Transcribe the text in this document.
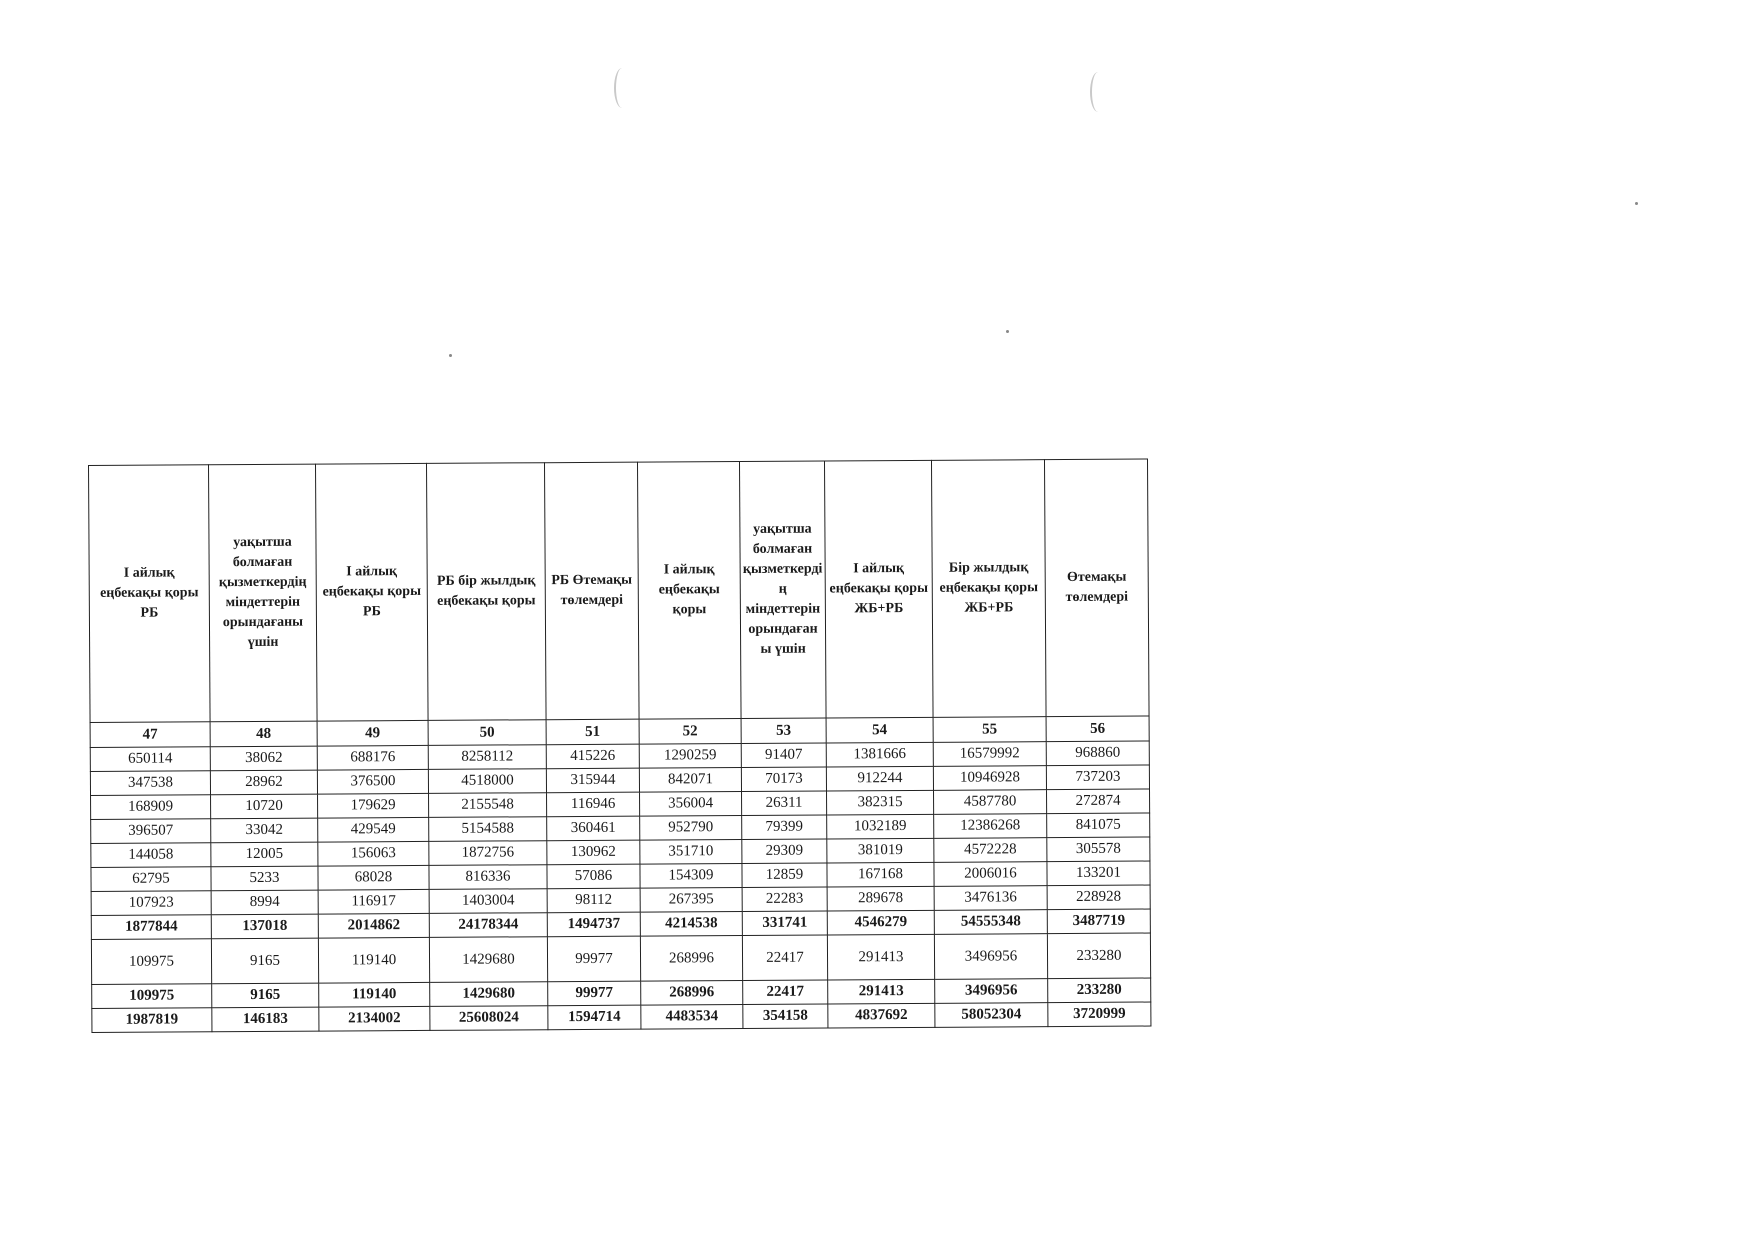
I айлық еңбекақы қоры РБ	уақытша болмаған қызметкердің міндеттерін орындағаны үшін	I айлық еңбекақы қоры РБ	РБ бір жылдық еңбекақы қоры	РБ Өтемақы төлемдері	I айлық еңбекақы қоры	уақытша болмаған қызметкердің міндеттерін орындағаны үшін	I айлық еңбекақы қоры ЖБ+РБ	Бір жылдық еңбекақы қоры ЖБ+РБ	Өтемақы төлемдері
47	48	49	50	51	52	53	54	55	56
650114	38062	688176	8258112	415226	1290259	91407	1381666	16579992	968860
347538	28962	376500	4518000	315944	842071	70173	912244	10946928	737203
168909	10720	179629	2155548	116946	356004	26311	382315	4587780	272874
396507	33042	429549	5154588	360461	952790	79399	1032189	12386268	841075
144058	12005	156063	1872756	130962	351710	29309	381019	4572228	305578
62795	5233	68028	816336	57086	154309	12859	167168	2006016	133201
107923	8994	116917	1403004	98112	267395	22283	289678	3476136	228928
1877844	137018	2014862	24178344	1494737	4214538	331741	4546279	54555348	3487719
109975	9165	119140	1429680	99977	268996	22417	291413	3496956	233280
109975	9165	119140	1429680	99977	268996	22417	291413	3496956	233280
1987819	146183	2134002	25608024	1594714	4483534	354158	4837692	58052304	3720999
